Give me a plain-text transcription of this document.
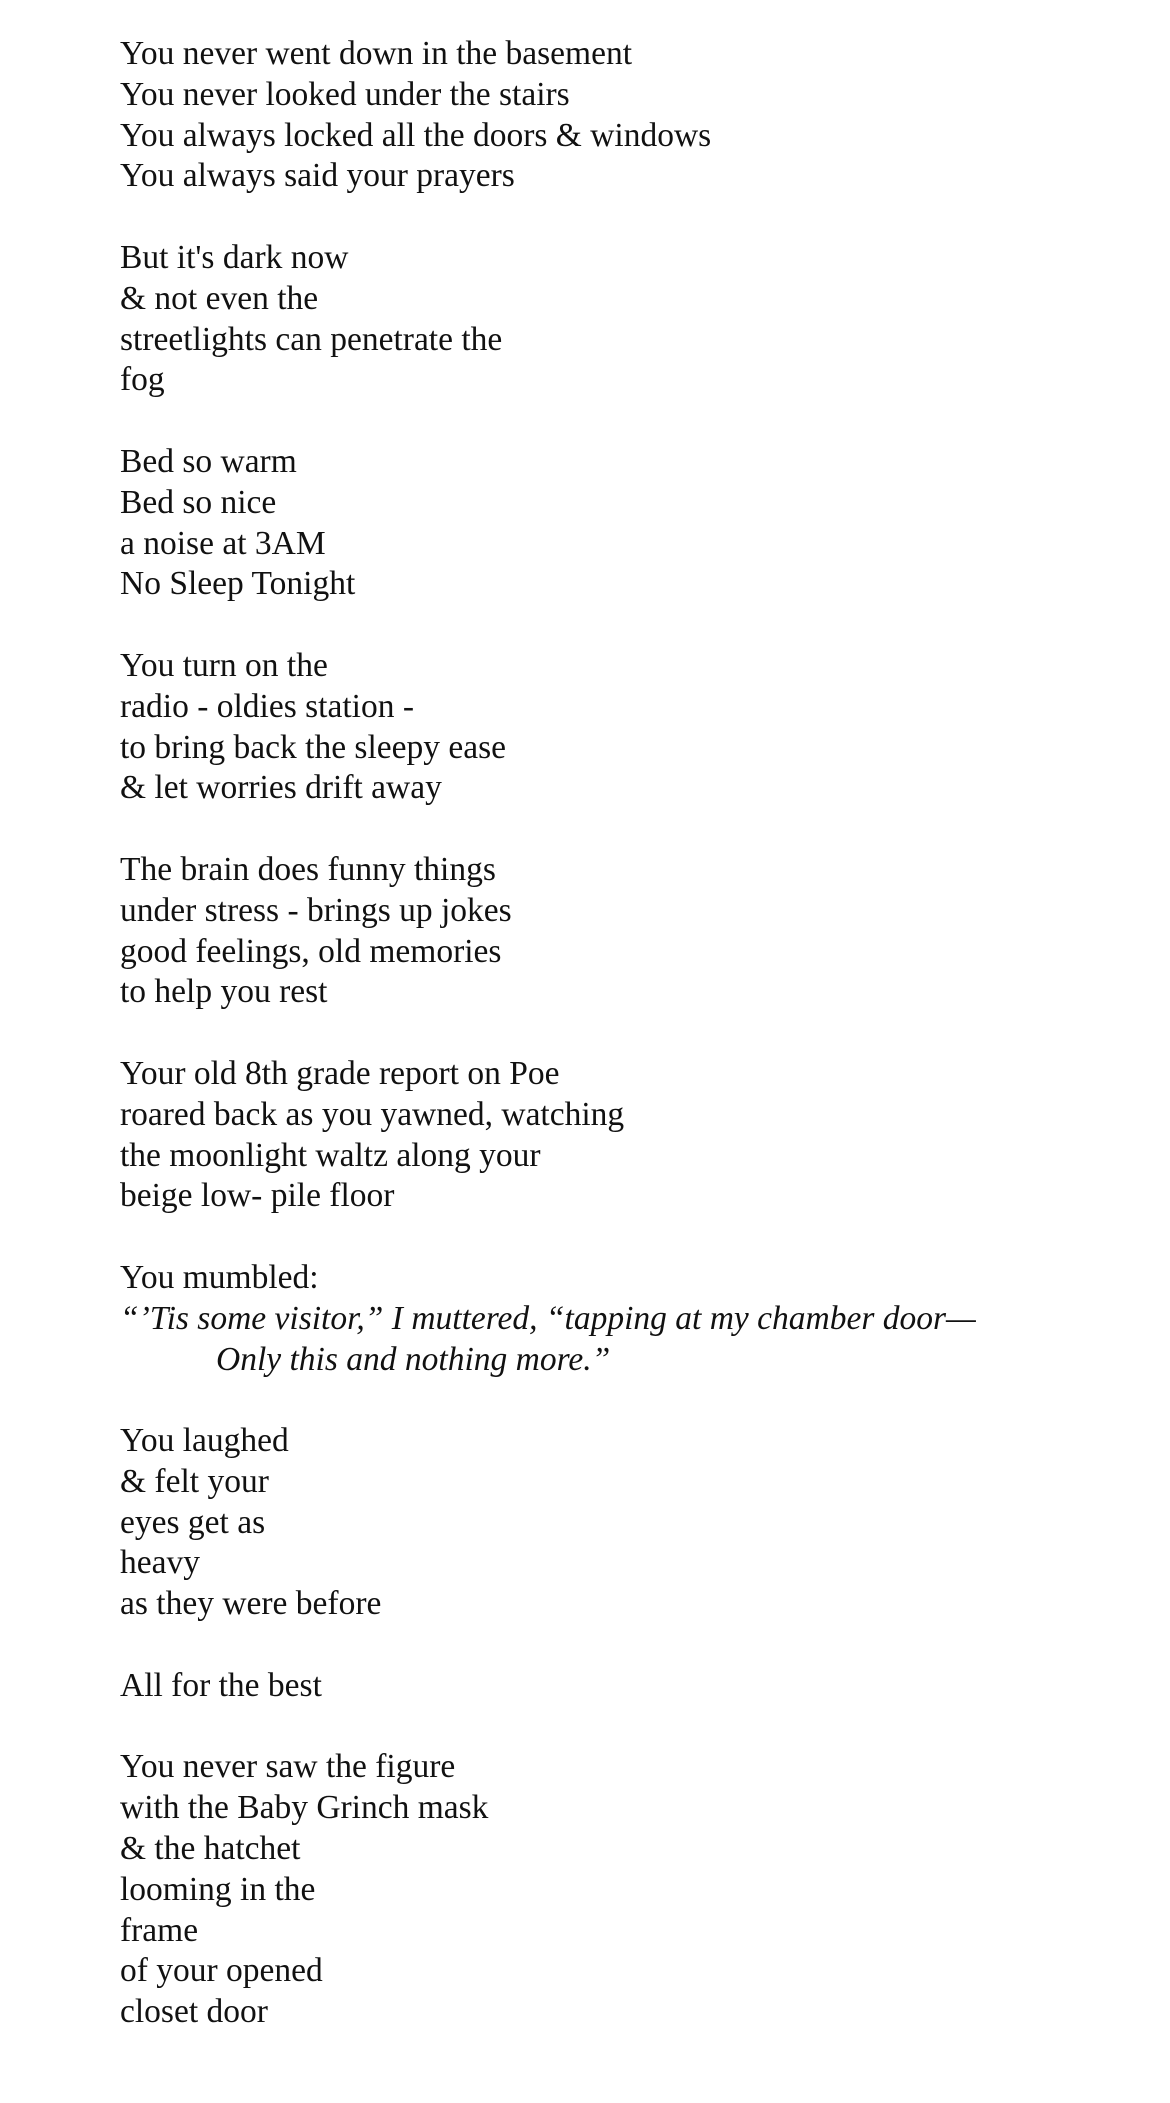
You never went down in the basement
You never looked under the stairs
You always locked all the doors & windows
You always said your prayers
But it's dark now
& not even the
streetlights can penetrate the
fog
Bed so warm
Bed so nice
a noise at 3AM
No Sleep Tonight
You turn on the
radio - oldies station -
to bring back the sleepy ease
& let worries drift away
The brain does funny things
under stress - brings up jokes
good feelings, old memories
to help you rest
Your old 8th grade report on Poe
roared back as you yawned, watching
the moonlight waltz along your
beige low- pile floor
You mumbled:
“’Tis some visitor,” I muttered, “tapping at my chamber door—
Only this and nothing more.”
You laughed
& felt your
eyes get as
heavy
as they were before
All for the best
You never saw the figure
with the Baby Grinch mask
& the hatchet
looming in the
frame
of your opened
closet door
